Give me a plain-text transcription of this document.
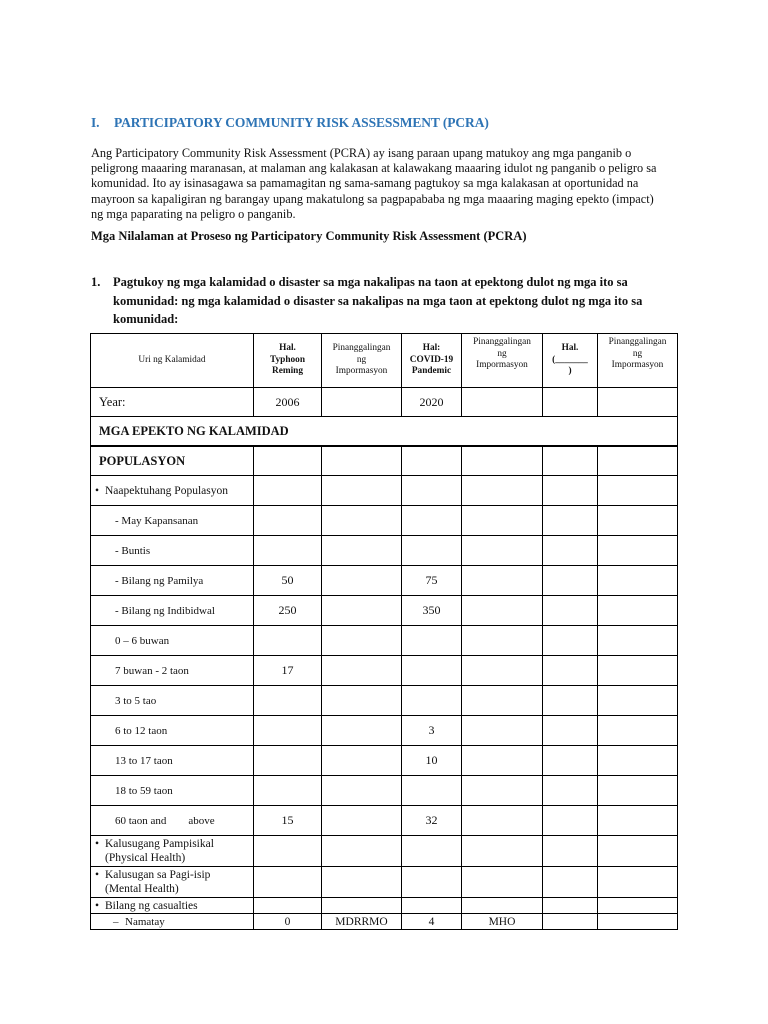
I. PARTICIPATORY COMMUNITY RISK ASSESSMENT (PCRA)
Ang Participatory Community Risk Assessment (PCRA) ay isang paraan upang matukoy ang mga panganib o
peligrong maaaring maranasan, at malaman ang kalakasan at kalawakang maaaring idulot ng panganib o peligro sa
komunidad. Ito ay isinasagawa sa pamamagitan ng sama-samang pagtukoy sa mga kalakasan at oportunidad na
mayroon sa kapaligiran ng barangay upang makatulong sa pagpapababa ng mga maaaring maging epekto (impact)
ng mga paparating na peligro o panganib.
Mga Nilalaman at Proseso ng Participatory Community Risk Assessment (PCRA)
1. Pagtukoy ng mga kalamidad o disaster sa mga nakalipas na taon at epektong dulot ng mga ito sa
komunidad: ng mga kalamidad o disaster sa nakalipas na mga taon at epektong dulot ng mga ito sa
komunidad:
Uri ng Kalamidad	Hal.
Typhoon
Reming	Pinanggalingan
ng
Impormasyon	Hal:
COVID-19
Pandemic	Pinanggalingan
ng
Impormasyon	Hal.
(_______
)	Pinanggalingan
ng
Impormasyon
Year:	2006		2020			
MGA EPEKTO NG KALAMIDAD						
POPULASYON						
• Naapektuhang Populasyon						
- May Kapansanan						
- Buntis						
- Bilang ng Pamilya	50		75			
- Bilang ng Indibidwal	250		350			
0 – 6 buwan						
7 buwan - 2 taon	17					
3 to 5 tao						
6 to 12 taon			3			
13 to 17 taon			10			
18 to 59 taon						
60 taon and        above	15		32			
• Kalusugang Pampisikal
(Physical Health)						
• Kalusugan sa Pagi-isip
(Mental Health)						
• Bilang ng casualties						
– Namatay	0	MDRRMO	4	MHO		
